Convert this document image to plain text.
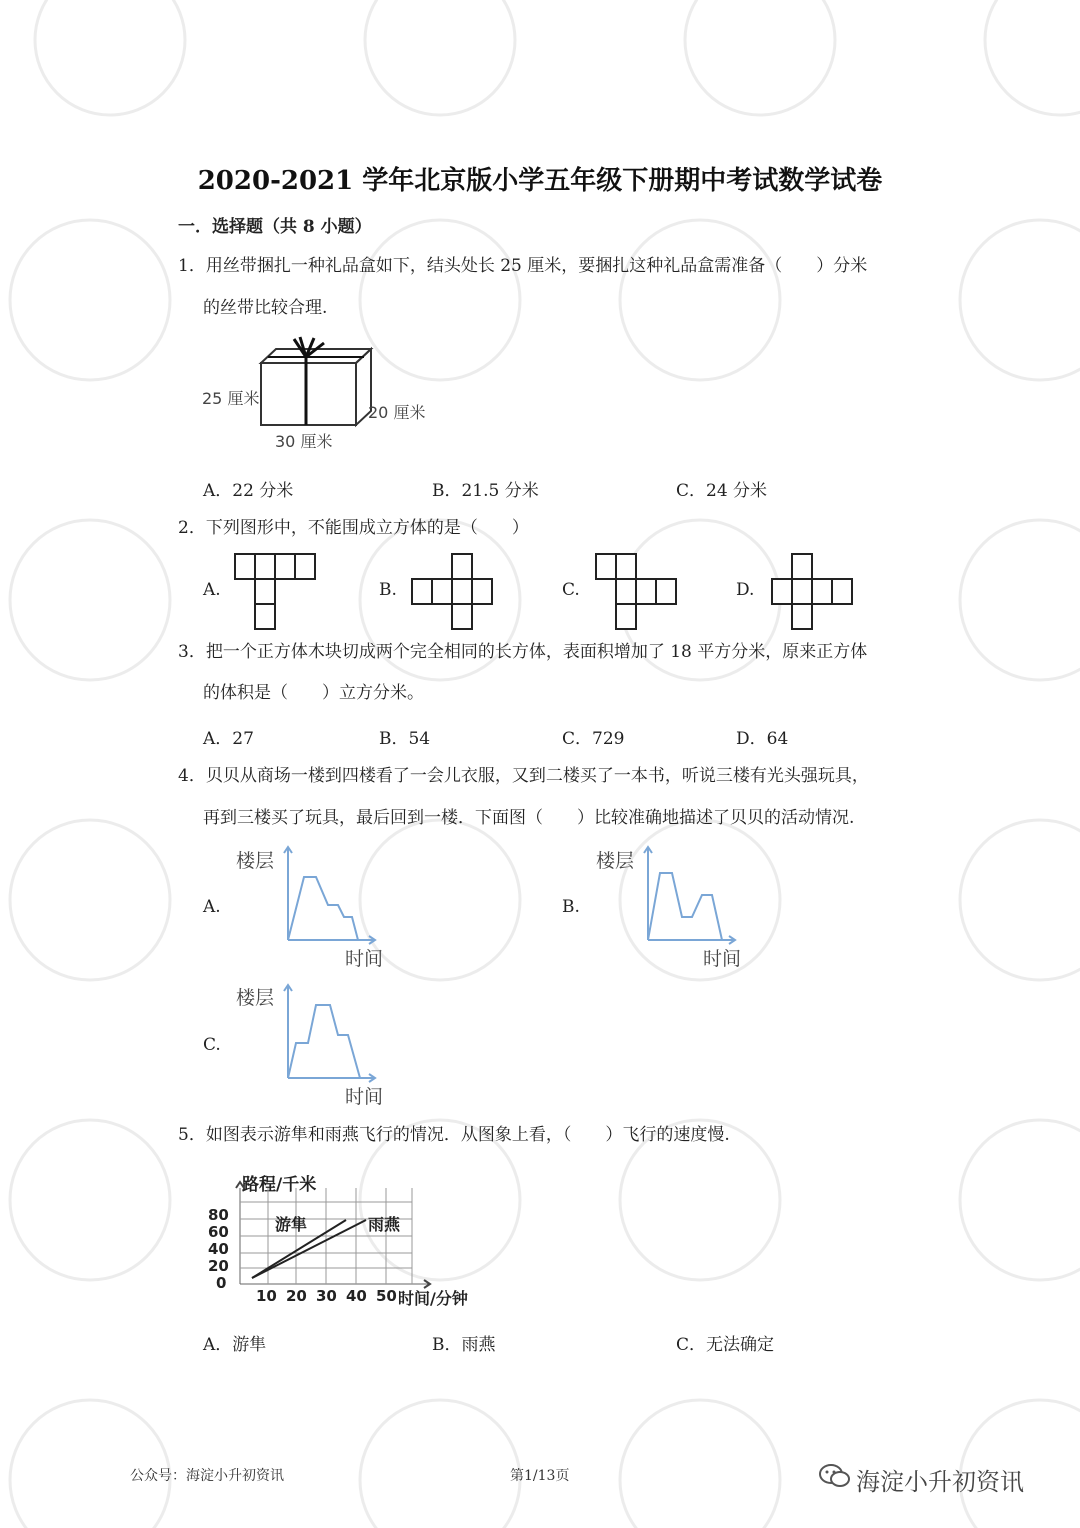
2020-2021 学年北京版小学五年级下册期中考试数学试卷
一．选择题（共 8 小题）
1．用丝带捆扎一种礼品盒如下，结头处长 25 厘米，要捆扎这种礼品盒需准备（　　）分米
的丝带比较合理.
25 厘米
20 厘米
30 厘米
A．22 分米	B．21.5 分米	C．24 分米
2．下列图形中，不能围成立方体的是（　　）
A.	B.	C.	D.
3．把一个正方体木块切成两个完全相同的长方体，表面积增加了 18 平方分米，原来正方体
的体积是（　　）立方分米。
A．27	B．54	C．729	D．64
4．贝贝从商场一楼到四楼看了一会儿衣服，又到二楼买了一本书，听说三楼有光头强玩具，
再到三楼买了玩具，最后回到一楼．下面图（　　）比较准确地描述了贝贝的活动情况.
A.
楼层
时间
B.
楼层
时间
C.
楼层
时间
5．如图表示游隼和雨燕飞行的情况．从图象上看，（　　）飞行的速度慢.
路程/千米
80
60
40
20
0
10 20 30 40 50 时间/分钟
游隼	雨燕
A．游隼	B．雨燕	C．无法确定
公众号：海淀小升初资讯	第1/13页	海淀小升初资讯
